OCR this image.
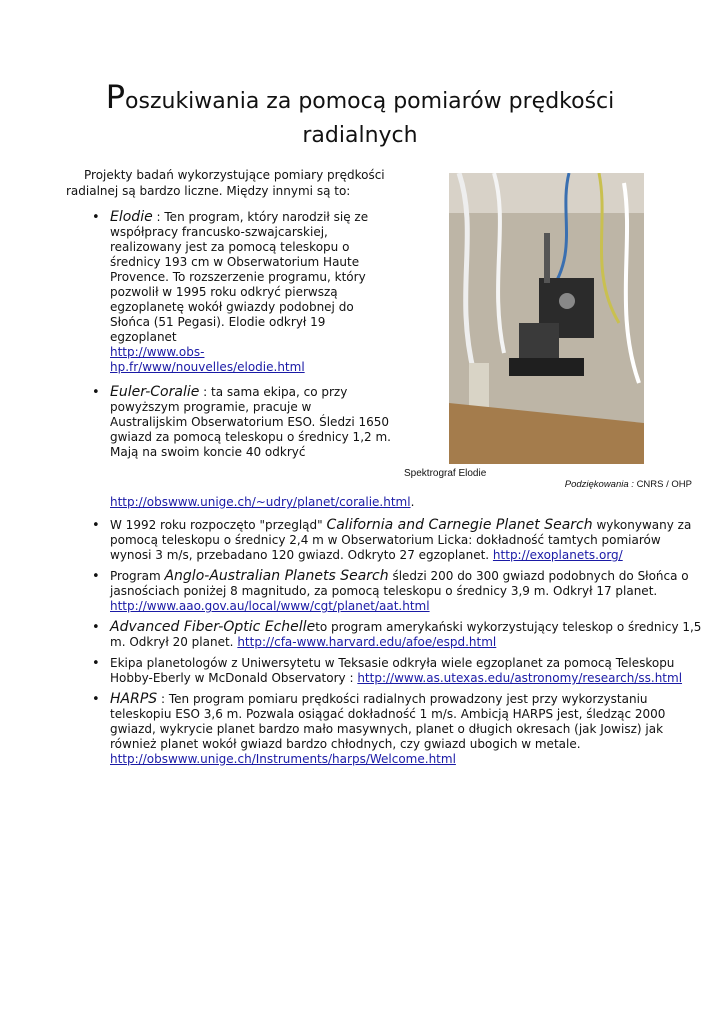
Poszukiwania za pomocą pomiarów prędkości
radialnych
Projekty badań wykorzystujące pomiary prędkości
radialnej są bardzo liczne. Między innymi są to:
• Elodie : Ten program, który narodził się ze współpracy francusko-szwajcarskiej, realizowany jest za pomocą teleskopu o średnicy 193 cm w Obserwatorium Haute Provence. To rozszerzenie programu, który pozwolił w 1995 roku odkryć pierwszą egzoplanetę wokół gwiazdy podobnej do Słońca (51 Pegasi). Elodie odkrył 19 egzoplanet
http://www.obs-
hp.fr/www/nouvelles/elodie.html
• Euler-Coralie : ta sama ekipa, co przy powyższym programie, pracuje w Australijskim Obserwatorium ESO. Śledzi 1650 gwiazd za pomocą teleskopu o średnicy 1,2 m. Mają na swoim koncie 40 odkryć
Spektrograf Elodie
Podziękowania : CNRS / OHP
http://obswww.unige.ch/~udry/planet/coralie.html.
• W 1992 roku rozpoczęto "przegląd" California and Carnegie Planet Search wykonywany za pomocą teleskopu o średnicy 2,4 m w Obserwatorium Licka: dokładność tamtych pomiarów wynosi 3 m/s, przebadano 120 gwiazd. Odkryto 27 egzoplanet. http://exoplanets.org/
• Program Anglo-Australian Planets Search śledzi 200 do 300 gwiazd podobnych do Słońca o jasnościach poniżej 8 magnitudo, za pomocą teleskopu o średnicy 3,9 m. Odkrył 17 planet.
http://www.aao.gov.au/local/www/cgt/planet/aat.html
• Advanced Fiber-Optic Echelleto program amerykański wykorzystujący teleskop o średnicy 1,5 m. Odkrył 20 planet. http://cfa-www.harvard.edu/afoe/espd.html
• Ekipa planetologów z Uniwersytetu w Teksasie odkryła wiele egzoplanet za pomocą Teleskopu Hobby-Eberly w McDonald Observatory : http://www.as.utexas.edu/astronomy/research/ss.html
• HARPS : Ten program pomiaru prędkości radialnych prowadzony jest przy wykorzystaniu teleskopiu ESO 3,6 m. Pozwala osiągać dokładność 1 m/s. Ambicją HARPS jest, śledząc 2000 gwiazd, wykrycie planet bardzo mało masywnych, planet o długich okresach (jak Jowisz) jak również planet wokół gwiazd bardzo chłodnych, czy gwiazd ubogich w metale.
http://obswww.unige.ch/Instruments/harps/Welcome.html
